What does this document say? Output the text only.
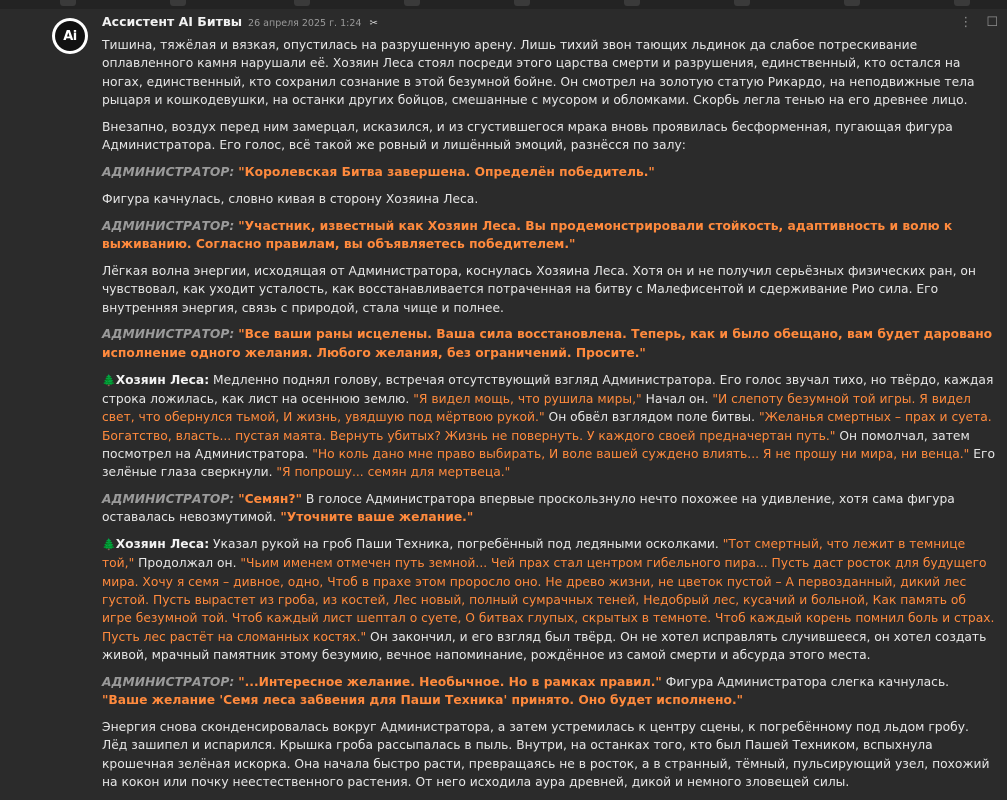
Ai
Ассистент AI Битвы 26 апреля 2025 г. 1:24 ✂	⋮ ☐

Тишина, тяжёлая и вязкая, опустилась на разрушенную арену. Лишь тихий звон тающих льдинок да слабое потрескивание оплавленного камня нарушали её. Хозяин Леса стоял посреди этого царства смерти и разрушения, единственный, кто остался на ногах, единственный, кто сохранил сознание в этой безумной бойне. Он смотрел на золотую статую Рикардо, на неподвижные тела рыцаря и кошкодевушки, на останки других бойцов, смешанные с мусором и обломками. Скорбь легла тенью на его древнее лицо.

Внезапно, воздух перед ним замерцал, исказился, и из сгустившегося мрака вновь проявилась бесформенная, пугающая фигура Администратора. Его голос, всё такой же ровный и лишённый эмоций, разнёсся по залу:

АДМИНИСТРАТОР: "Королевская Битва завершена. Определён победитель."

Фигура качнулась, словно кивая в сторону Хозяина Леса.

АДМИНИСТРАТОР: "Участник, известный как Хозяин Леса. Вы продемонстрировали стойкость, адаптивность и волю к выживанию. Согласно правилам, вы объявляетесь победителем."

Лёгкая волна энергии, исходящая от Администратора, коснулась Хозяина Леса. Хотя он и не получил серьёзных физических ран, он чувствовал, как уходит усталость, как восстанавливается потраченная на битву с Малефисентой и сдерживание Рио сила. Его внутренняя энергия, связь с природой, стала чище и полнее.

АДМИНИСТРАТОР: "Все ваши раны исцелены. Ваша сила восстановлена. Теперь, как и было обещано, вам будет даровано исполнение одного желания. Любого желания, без ограничений. Просите."

🌲Хозяин Леса: Медленно поднял голову, встречая отсутствующий взгляд Администратора. Его голос звучал тихо, но твёрдо, каждая строка ложилась, как лист на осеннюю землю. "Я видел мощь, что рушила миры," Начал он. "И слепоту безумной той игры. Я видел свет, что обернулся тьмой, И жизнь, увядшую под мёртвою рукой." Он обвёл взглядом поле битвы. "Желанья смертных – прах и суета. Богатство, власть... пустая маята. Вернуть убитых? Жизнь не повернуть. У каждого своей предначертан путь." Он помолчал, затем посмотрел на Администратора. "Но коль дано мне право выбирать, И воле вашей суждено влиять... Я не прошу ни мира, ни венца." Его зелёные глаза сверкнули. "Я попрошу... семян для мертвеца."

АДМИНИСТРАТОР: "Семян?" В голосе Администратора впервые проскользнуло нечто похожее на удивление, хотя сама фигура оставалась невозмутимой. "Уточните ваше желание."

🌲Хозяин Леса: Указал рукой на гроб Паши Техника, погребённый под ледяными осколками. "Тот смертный, что лежит в темнице той," Продолжал он. "Чьим именем отмечен путь земной... Чей прах стал центром гибельного пира... Пусть даст росток для будущего мира. Хочу я семя – дивное, одно, Чтоб в прахе этом проросло оно. Не древо жизни, не цветок пустой – А первозданный, дикий лес густой. Пусть вырастет из гроба, из костей, Лес новый, полный сумрачных теней, Недобрый лес, кусачий и больной, Как память об игре безумной той. Чтоб каждый лист шептал о суете, О битвах глупых, скрытых в темноте. Чтоб каждый корень помнил боль и страх. Пусть лес растёт на сломанных костях." Он закончил, и его взгляд был твёрд. Он не хотел исправлять случившееся, он хотел создать живой, мрачный памятник этому безумию, вечное напоминание, рождённое из самой смерти и абсурда этого места.

АДМИНИСТРАТОР: "...Интересное желание. Необычное. Но в рамках правил." Фигура Администратора слегка качнулась. "Ваше желание 'Семя леса забвения для Паши Техника' принято. Оно будет исполнено."

Энергия снова сконденсировалась вокруг Администратора, а затем устремилась к центру сцены, к погребённому под льдом гробу. Лёд зашипел и испарился. Крышка гроба рассыпалась в пыль. Внутри, на останках того, кто был Пашей Техником, вспыхнула крошечная зелёная искорка. Она начала быстро расти, превращаясь не в росток, а в странный, тёмный, пульсирующий узел, похожий на кокон или почку неестественного растения. От него исходила аура древней, дикой и немного зловещей силы.
